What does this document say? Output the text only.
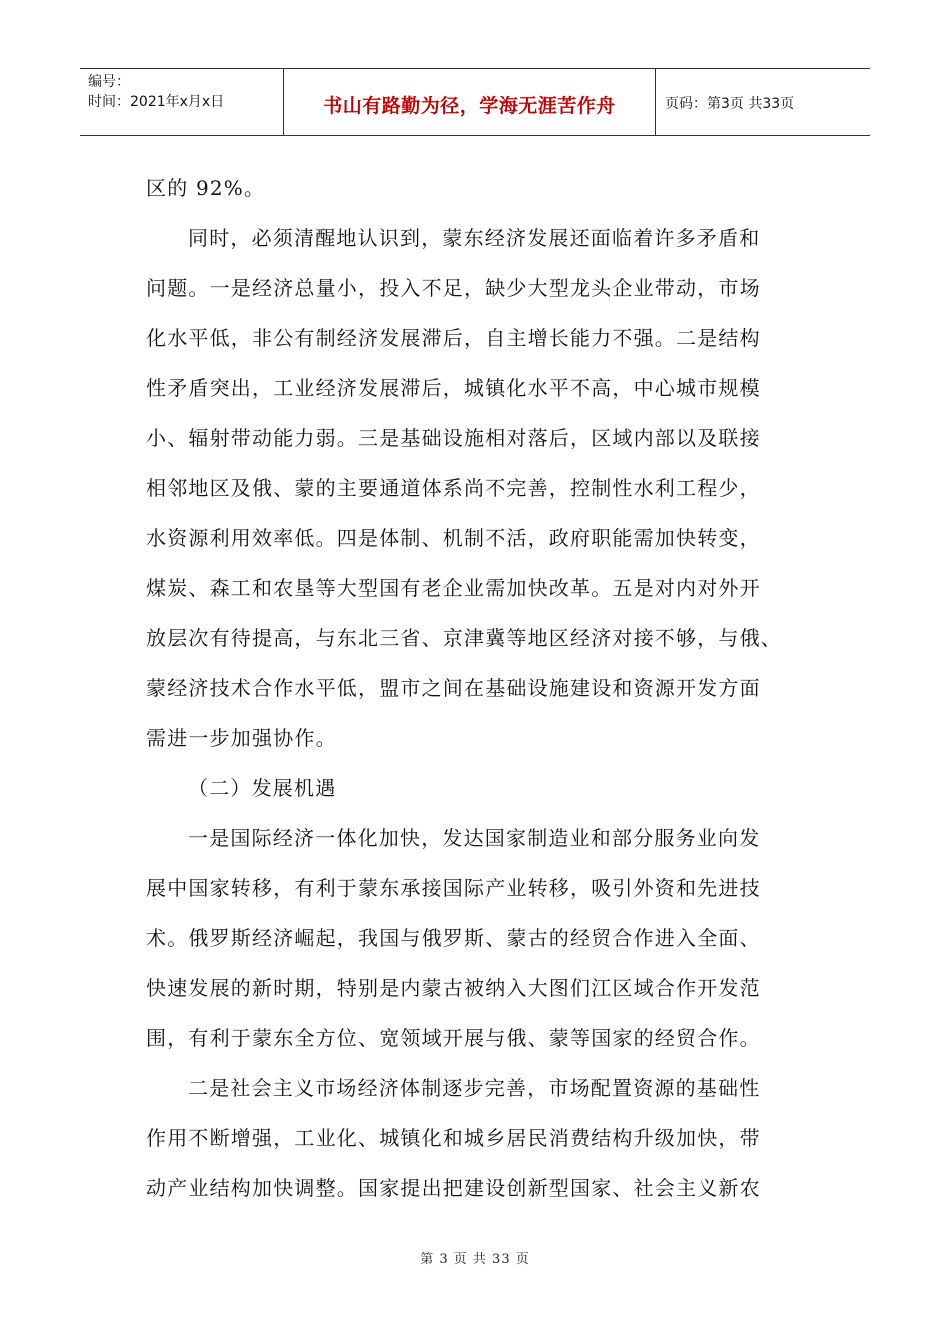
编号：
时间：2021年x月x日	书山有路勤为径，学海无涯苦作舟	页码：第3页 共33页

区的 92%。

同时，必须清醒地认识到，蒙东经济发展还面临着许多矛盾和

问题。一是经济总量小，投入不足，缺少大型龙头企业带动，市场

化水平低，非公有制经济发展滞后，自主增长能力不强。二是结构

性矛盾突出，工业经济发展滞后，城镇化水平不高，中心城市规模

小、辐射带动能力弱。三是基础设施相对落后，区域内部以及联接

相邻地区及俄、蒙的主要通道体系尚不完善，控制性水利工程少，

水资源利用效率低。四是体制、机制不活，政府职能需加快转变，

煤炭、森工和农垦等大型国有老企业需加快改革。五是对内对外开

放层次有待提高，与东北三省、京津冀等地区经济对接不够，与俄、

蒙经济技术合作水平低，盟市之间在基础设施建设和资源开发方面

需进一步加强协作。

（二）发展机遇

一是国际经济一体化加快，发达国家制造业和部分服务业向发

展中国家转移，有利于蒙东承接国际产业转移，吸引外资和先进技

术。俄罗斯经济崛起，我国与俄罗斯、蒙古的经贸合作进入全面、

快速发展的新时期，特别是内蒙古被纳入大图们江区域合作开发范

围，有利于蒙东全方位、宽领域开展与俄、蒙等国家的经贸合作。

二是社会主义市场经济体制逐步完善，市场配置资源的基础性

作用不断增强，工业化、城镇化和城乡居民消费结构升级加快，带

动产业结构加快调整。国家提出把建设创新型国家、社会主义新农

第 3 页 共 33 页
